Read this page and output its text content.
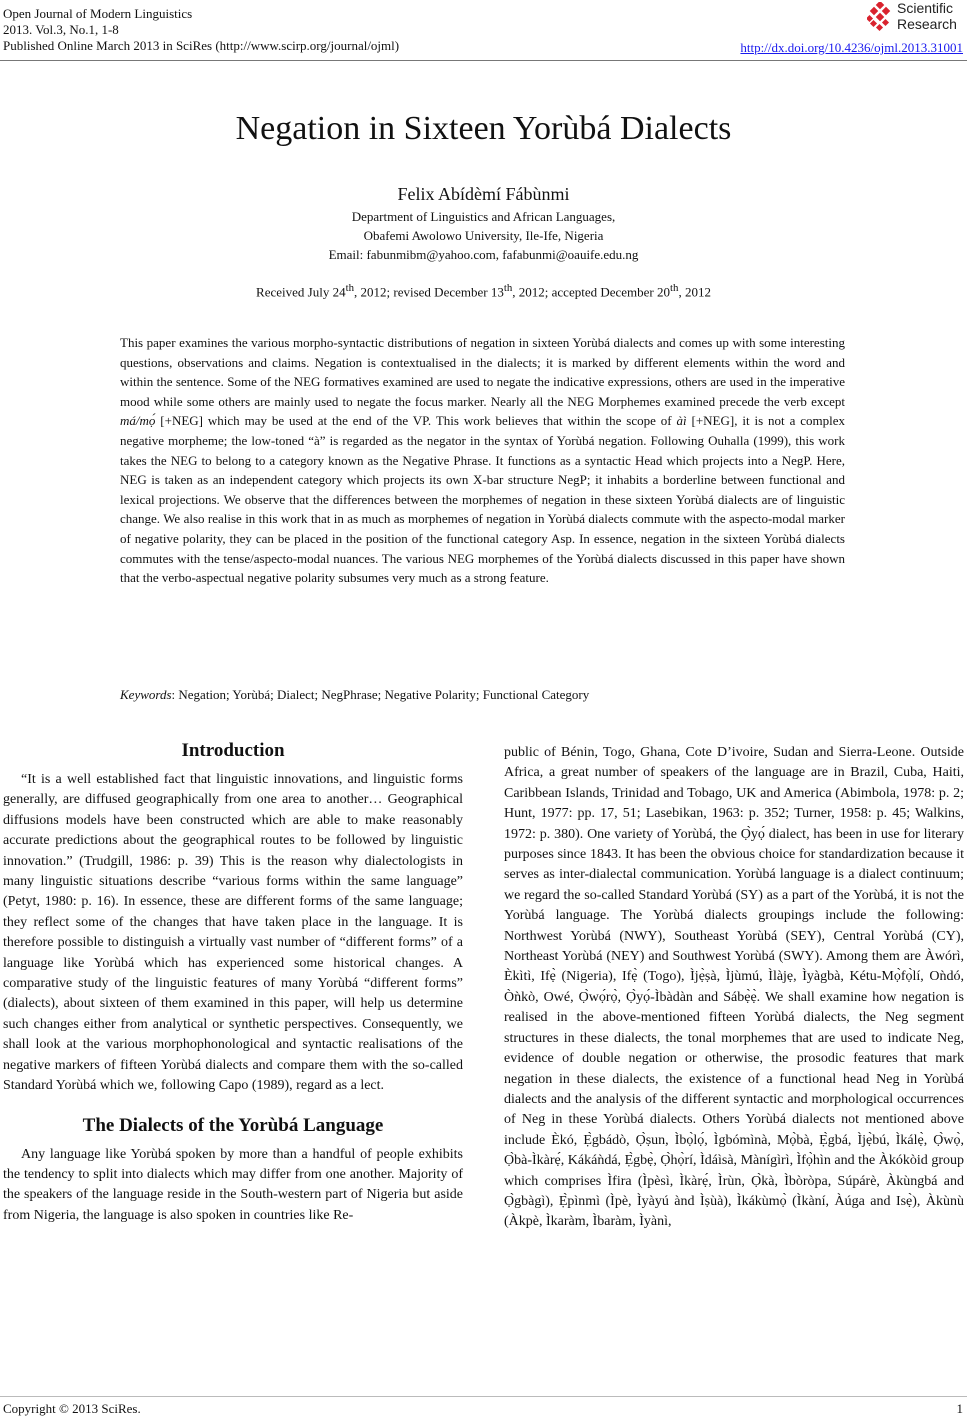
Open Journal of Modern Linguistics
2013. Vol.3, No.1, 1-8
Published Online March 2013 in SciRes (http://www.scirp.org/journal/ojml)
Scientific
Research
http://dx.doi.org/10.4236/ojml.2013.31001
Negation in Sixteen Yorùbá Dialects
Felix Abídèmí Fábùnmi
Department of Linguistics and African Languages,
Obafemi Awolowo University, Ile-Ife, Nigeria
Email: fabunmibm@yahoo.com, fafabunmi@oauife.edu.ng
Received July 24th, 2012; revised December 13th, 2012; accepted December 20th, 2012
This paper examines the various morpho-syntactic distributions of negation in sixteen Yorùbá dialects and comes up with some interesting questions, observations and claims. Negation is contextualised in the dialects; it is marked by different elements within the word and within the sentence. Some of the NEG formatives examined are used to negate the indicative expressions, others are used in the imperative mood while some others are mainly used to negate the focus marker. Nearly all the NEG Morphemes examined precede the verb except má/mọ́ [+NEG] which may be used at the end of the VP. This work believes that within the scope of àì [+NEG], it is not a complex negative morpheme; the low-toned “à” is regarded as the negator in the syntax of Yorùbá negation. Following Ouhalla (1999), this work takes the NEG to belong to a category known as the Negative Phrase. It functions as a syntactic Head which projects into a NegP. Here, NEG is taken as an independent category which projects its own X-bar structure NegP; it inhabits a borderline between functional and lexical projections. We observe that the differences between the morphemes of negation in these sixteen Yorùbá dialects are of linguistic change. We also realise in this work that in as much as morphemes of negation in Yorùbá dialects commute with the aspecto-modal marker of negative polarity, they can be placed in the position of the functional category Asp. In essence, negation in the sixteen Yorùbá dialects commutes with the tense/aspecto-modal nuances. The various NEG morphemes of the Yorùbá dialects discussed in this paper have shown that the verbo-aspectual negative polarity subsumes very much as a strong feature.
Keywords: Negation; Yorùbá; Dialect; NegPhrase; Negative Polarity; Functional Category
Introduction

“It is a well established fact that linguistic innovations, and linguistic forms generally, are diffused geographically from one area to another… Geographical diffusions models have been constructed which are able to make reasonably accurate predictions about the geographical routes to be followed by linguistic innovation.” (Trudgill, 1986: p. 39) This is the reason why dialectologists in many linguistic situations describe “various forms within the same language” (Petyt, 1980: p. 16). In essence, these are different forms of the same language; they reflect some of the changes that have taken place in the language. It is therefore possible to distinguish a virtually vast number of “different forms” of a language like Yorùbá which has experienced some historical changes. A comparative study of the linguistic features of many Yorùbá “different forms” (dialects), about sixteen of them examined in this paper, will help us determine such changes either from analytical or synthetic perspectives. Consequently, we shall look at the various morphophonological and syntactic realisations of the negative markers of fifteen Yorùbá dialects and compare them with the so-called Standard Yorùbá which we, following Capo (1989), regard as a lect.

The Dialects of the Yorùbá Language

Any language like Yorùbá spoken by more than a handful of people exhibits the tendency to split into dialects which may differ from one another. Majority of the speakers of the language reside in the South-western part of Nigeria but aside from Nigeria, the language is also spoken in countries like Re-

public of Bénin, Togo, Ghana, Cote D’ivoire, Sudan and Sierra-Leone. Outside Africa, a great number of speakers of the language are in Brazil, Cuba, Haiti, Caribbean Islands, Trinidad and Tobago, UK and America (Abimbola, 1978: p. 2; Hunt, 1977: pp. 17, 51; Lasebikan, 1963: p. 352; Turner, 1958: p. 45; Walkins, 1972: p. 380). One variety of Yorùbá, the Ọ̀yọ́ dialect, has been in use for literary purposes since 1843. It has been the obvious choice for standardization because it serves as inter-dialectal communication. Yorùbá language is a dialect continuum; we regard the so-called Standard Yorùbá (SY) as a part of the Yorùbá, it is not the Yorùbá language. The Yorùbá dialects groupings include the following: Northwest Yorùbá (NWY), Southeast Yorùbá (SEY), Central Yorùbá (CY), Northeast Yorùbá (NEY) and Southwest Yorùbá (SWY). Among them are Àwórì, Èkìtì, Ifẹ̀ (Nigeria), Ifẹ̀ (Togo), Ìjẹ̀ṣà, Ìjùmú, Ìlàjẹ, Ìyàgbà, Kétu-Mọ̀fọ̀lí, Oǹdó, Òǹkò, Owé, Ọ̀wọ́rọ̀, Ọ̀yọ́-Ìbàdàn and Sábẹ̀ẹ̀. We shall examine how negation is realised in the above-mentioned fifteen Yorùbá dialects, the Neg segment structures in these dialects, the tonal morphemes that are used to indicate Neg, evidence of double negation or otherwise, the prosodic features that mark negation in these dialects, the existence of a functional head Neg in Yorùbá dialects and the analysis of the different syntactic and morphological occurrences of Neg in these Yorùbá dialects. Others Yorùbá dialects not mentioned above include Èkó, Ẹ̀gbádò, Ọ̀ṣun, Ìbọ̀lọ́, Ìgbómìnà, Mọ̀bà, Ẹ̀gbá, Ìjẹ̀bú, Ìkálẹ̀, Ọ̀wọ̀, Ọ̀bà-Ìkàrẹ́, Kákáǹdá, Ẹ̀gbẹ̀, Ọ̀họ̀rí, Ìdáìsà, Mànígìrì, Ìfọ̀hìn and the Àkókòid group which comprises Ìfira (Ìpèsì, Ìkàrẹ́, Ìrùn, Ọ̀kà, Ìbòròpa, Súpárè, Àkùngbá and Ọ̀gbàgì), Ẹ̀pìnmì (Ìpè, Ìyàyú ànd Ìṣùà), Ìkákùmọ̀ (Ìkàní, Àúga and Isẹ̀), Àkùnù (Àkpè, Ìkaràm, Ìbaràm, Ìyànì,

Copyright © 2013 SciRes.	1
